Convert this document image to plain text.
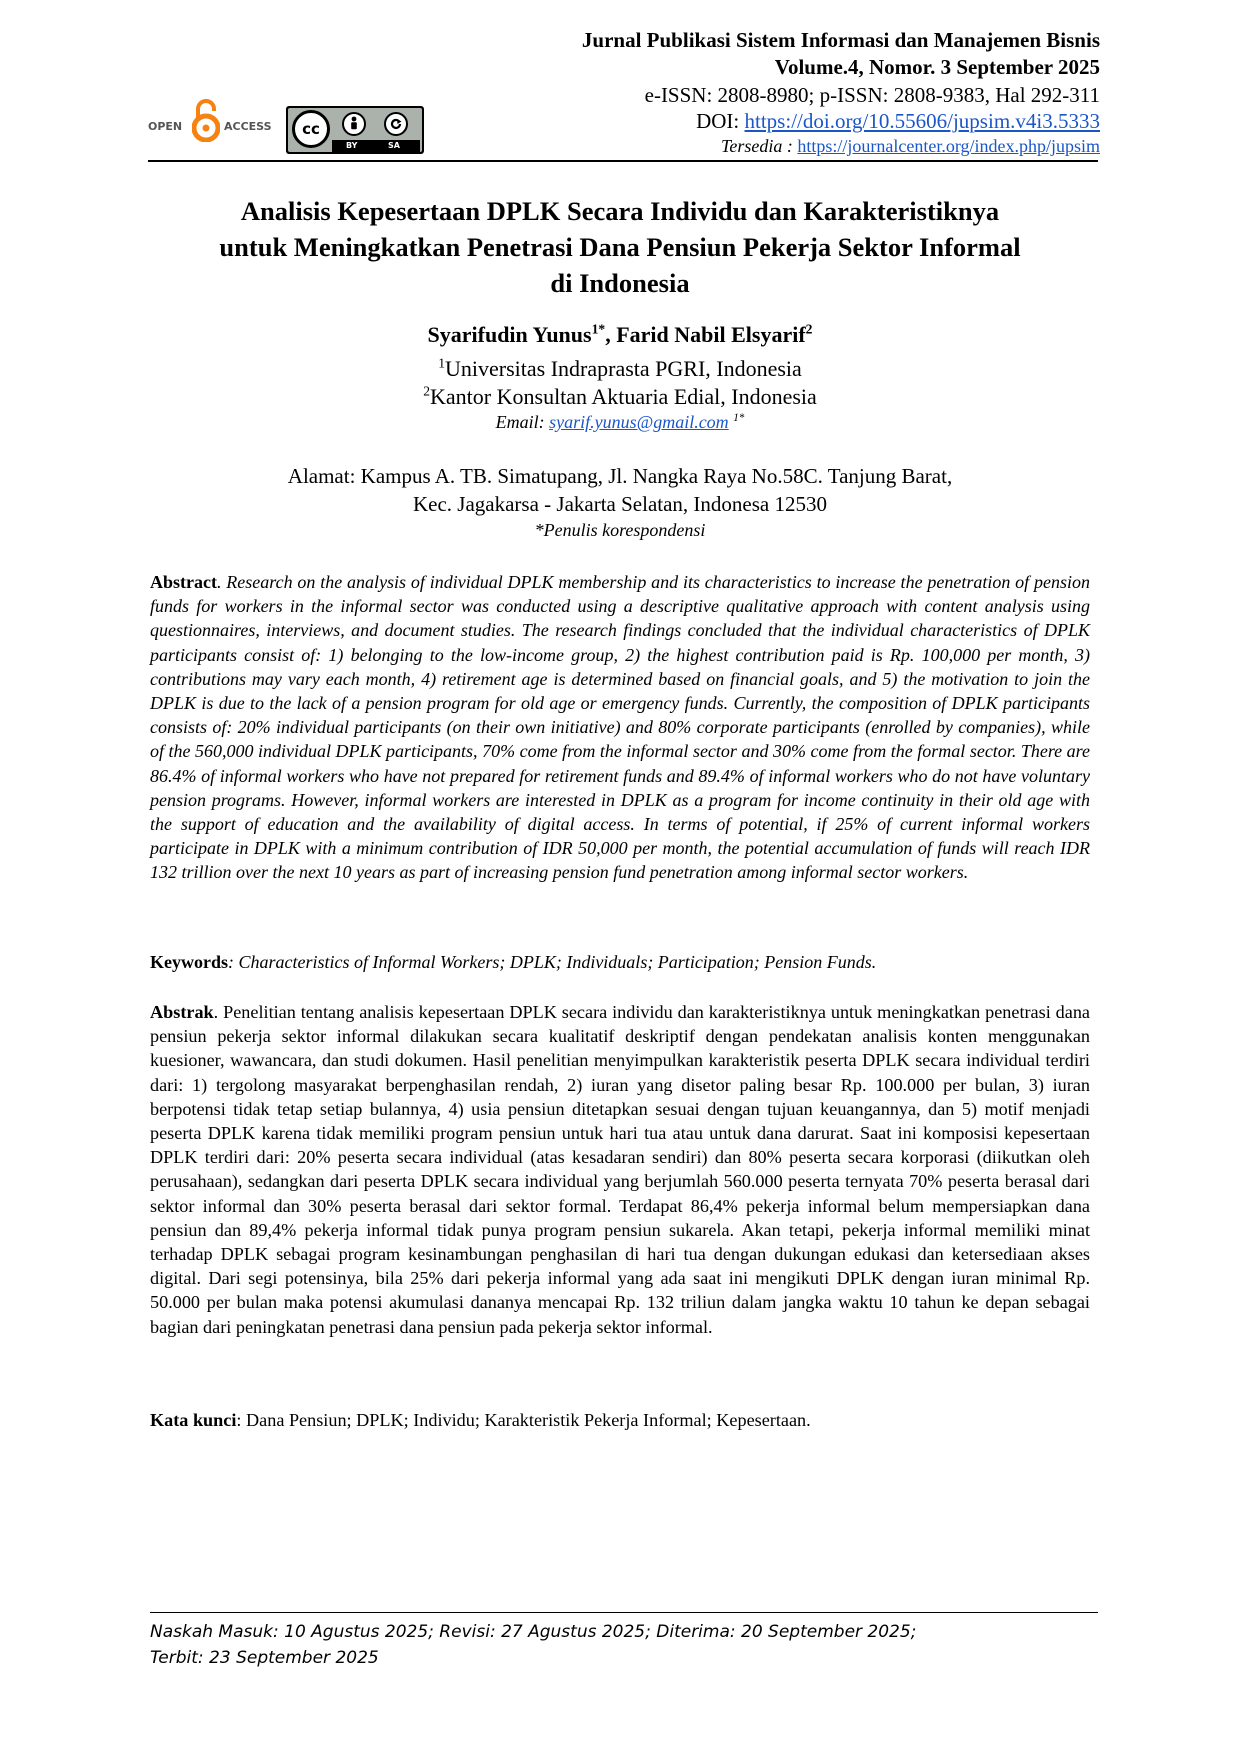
OPEN	ACCESS	cc
BY	SA
Jurnal Publikasi Sistem Informasi dan Manajemen Bisnis
Volume.4, Nomor. 3 September 2025
e-ISSN: 2808-8980; p-ISSN: 2808-9383, Hal 292-311
DOI: https://doi.org/10.55606/jupsim.v4i3.5333
Tersedia : https://journalcenter.org/index.php/jupsim
Analisis Kepesertaan DPLK Secara Individu dan Karakteristiknya
untuk Meningkatkan Penetrasi Dana Pensiun Pekerja Sektor Informal
di Indonesia
Syarifudin Yunus$^{1*}$, Farid Nabil Elsyarif$^2$
$^1$Universitas Indraprasta PGRI, Indonesia
$^2$Kantor Konsultan Aktuaria Edial, Indonesia
Email: syarif.yunus@gmail.com $^{1*}$
Alamat: Kampus A. TB. Simatupang, Jl. Nangka Raya No.58C. Tanjung Barat,
Kec. Jagakarsa - Jakarta Selatan, Indonesa 12530
*Penulis korespondensi
Abstract. Research on the analysis of individual DPLK membership and its characteristics to increase the penetration of pension funds for workers in the informal sector was conducted using a descriptive qualitative approach with content analysis using questionnaires, interviews, and document studies. The research findings concluded that the individual characteristics of DPLK participants consist of: 1) belonging to the low-income group, 2) the highest contribution paid is Rp. 100,000 per month, 3) contributions may vary each month, 4) retirement age is determined based on financial goals, and 5) the motivation to join the DPLK is due to the lack of a pension program for old age or emergency funds. Currently, the composition of DPLK participants consists of: 20% individual participants (on their own initiative) and 80% corporate participants (enrolled by companies), while of the 560,000 individual DPLK participants, 70% come from the informal sector and 30% come from the formal sector. There are 86.4% of informal workers who have not prepared for retirement funds and 89.4% of informal workers who do not have voluntary pension programs. However, informal workers are interested in DPLK as a program for income continuity in their old age with the support of education and the availability of digital access. In terms of potential, if 25% of current informal workers participate in DPLK with a minimum contribution of IDR 50,000 per month, the potential accumulation of funds will reach IDR 132 trillion over the next 10 years as part of increasing pension fund penetration among informal sector workers.
Keywords: Characteristics of Informal Workers; DPLK; Individuals; Participation; Pension Funds.
Abstrak. Penelitian tentang analisis kepesertaan DPLK secara individu dan karakteristiknya untuk meningkatkan penetrasi dana pensiun pekerja sektor informal dilakukan secara kualitatif deskriptif dengan pendekatan analisis konten menggunakan kuesioner, wawancara, dan studi dokumen. Hasil penelitian menyimpulkan karakteristik peserta DPLK secara individual terdiri dari: 1) tergolong masyarakat berpenghasilan rendah, 2) iuran yang disetor paling besar Rp. 100.000 per bulan, 3) iuran berpotensi tidak tetap setiap bulannya, 4) usia pensiun ditetapkan sesuai dengan tujuan keuangannya, dan 5) motif menjadi peserta DPLK karena tidak memiliki program pensiun untuk hari tua atau untuk dana darurat. Saat ini komposisi kepesertaan DPLK terdiri dari: 20% peserta secara individual (atas kesadaran sendiri) dan 80% peserta secara korporasi (diikutkan oleh perusahaan), sedangkan dari peserta DPLK secara individual yang berjumlah 560.000 peserta ternyata 70% peserta berasal dari sektor informal dan 30% peserta berasal dari sektor formal. Terdapat 86,4% pekerja informal belum mempersiapkan dana pensiun dan 89,4% pekerja informal tidak punya program pensiun sukarela. Akan tetapi, pekerja informal memiliki minat terhadap DPLK sebagai program kesinambungan penghasilan di hari tua dengan dukungan edukasi dan ketersediaan akses digital. Dari segi potensinya, bila 25% dari pekerja informal yang ada saat ini mengikuti DPLK dengan iuran minimal Rp. 50.000 per bulan maka potensi akumulasi dananya mencapai Rp. 132 triliun dalam jangka waktu 10 tahun ke depan sebagai bagian dari peningkatan penetrasi dana pensiun pada pekerja sektor informal.
Kata kunci: Dana Pensiun; DPLK; Individu; Karakteristik Pekerja Informal; Kepesertaan.
Naskah Masuk: 10 Agustus 2025; Revisi: 27 Agustus 2025; Diterima: 20 September 2025;
Terbit: 23 September 2025
